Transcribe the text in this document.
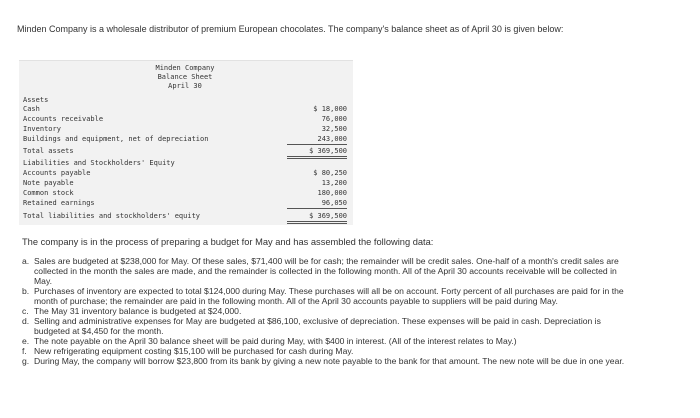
Minden Company is a wholesale distributor of premium European chocolates. The company's balance sheet as of April 30 is given below:
Minden Company
Balance Sheet
April 30
Assets
Cash	$ 18,000
Accounts receivable	76,000
Inventory	32,500
Buildings and equipment, net of depreciation	243,000
Total assets	$ 369,500
Liabilities and Stockholders' Equity
Accounts payable	$ 80,250
Note payable	13,200
Common stock	180,000
Retained earnings	96,050
Total liabilities and stockholders' equity	$ 369,500
The company is in the process of preparing a budget for May and has assembled the following data:
a. Sales are budgeted at $238,000 for May. Of these sales, $71,400 will be for cash; the remainder will be credit sales. One-half of a month's credit sales are collected in the month the sales are made, and the remainder is collected in the following month. All of the April 30 accounts receivable will be collected in May.
b. Purchases of inventory are expected to total $124,000 during May. These purchases will all be on account. Forty percent of all purchases are paid for in the month of purchase; the remainder are paid in the following month. All of the April 30 accounts payable to suppliers will be paid during May.
c. The May 31 inventory balance is budgeted at $24,000.
d. Selling and administrative expenses for May are budgeted at $86,100, exclusive of depreciation. These expenses will be paid in cash. Depreciation is budgeted at $4,450 for the month.
e. The note payable on the April 30 balance sheet will be paid during May, with $400 in interest. (All of the interest relates to May.)
f. New refrigerating equipment costing $15,100 will be purchased for cash during May.
g. During May, the company will borrow $23,800 from its bank by giving a new note payable to the bank for that amount. The new note will be due in one year.
